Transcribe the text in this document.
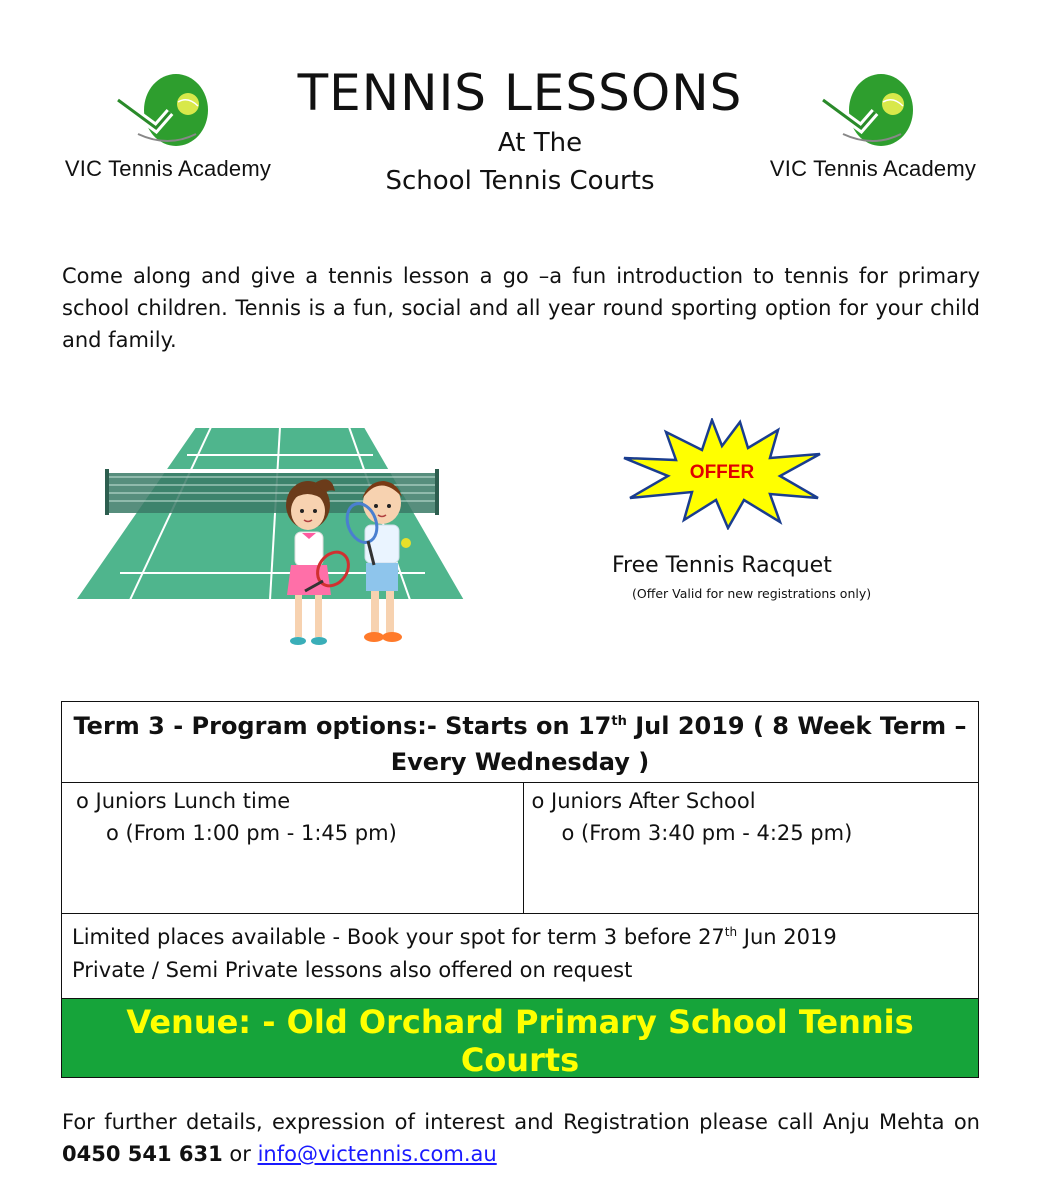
VIC Tennis Academy	VIC Tennis Academy
TENNIS LESSONS
At The
School Tennis Courts
Come along and give a tennis lesson a go –a fun introduction to tennis for primary school children. Tennis is a fun, social and all year round sporting option for your child and family.
OFFER
Free Tennis Racquet
(Offer Valid for new registrations only)
Term 3 - Program options:- Starts on 17th Jul 2019 ( 8 Week Term – Every Wednesday )
o Juniors Lunch time
o (From 1:00 pm - 1:45 pm)
o Juniors After School
o (From 3:40 pm - 4:25 pm)
Limited places available - Book your spot for term 3 before 27th Jun 2019
Private / Semi Private lessons also offered on request
Venue: - Old Orchard Primary School Tennis Courts
For further details, expression of interest and Registration please call Anju Mehta on 0450 541 631 or info@victennis.com.au
